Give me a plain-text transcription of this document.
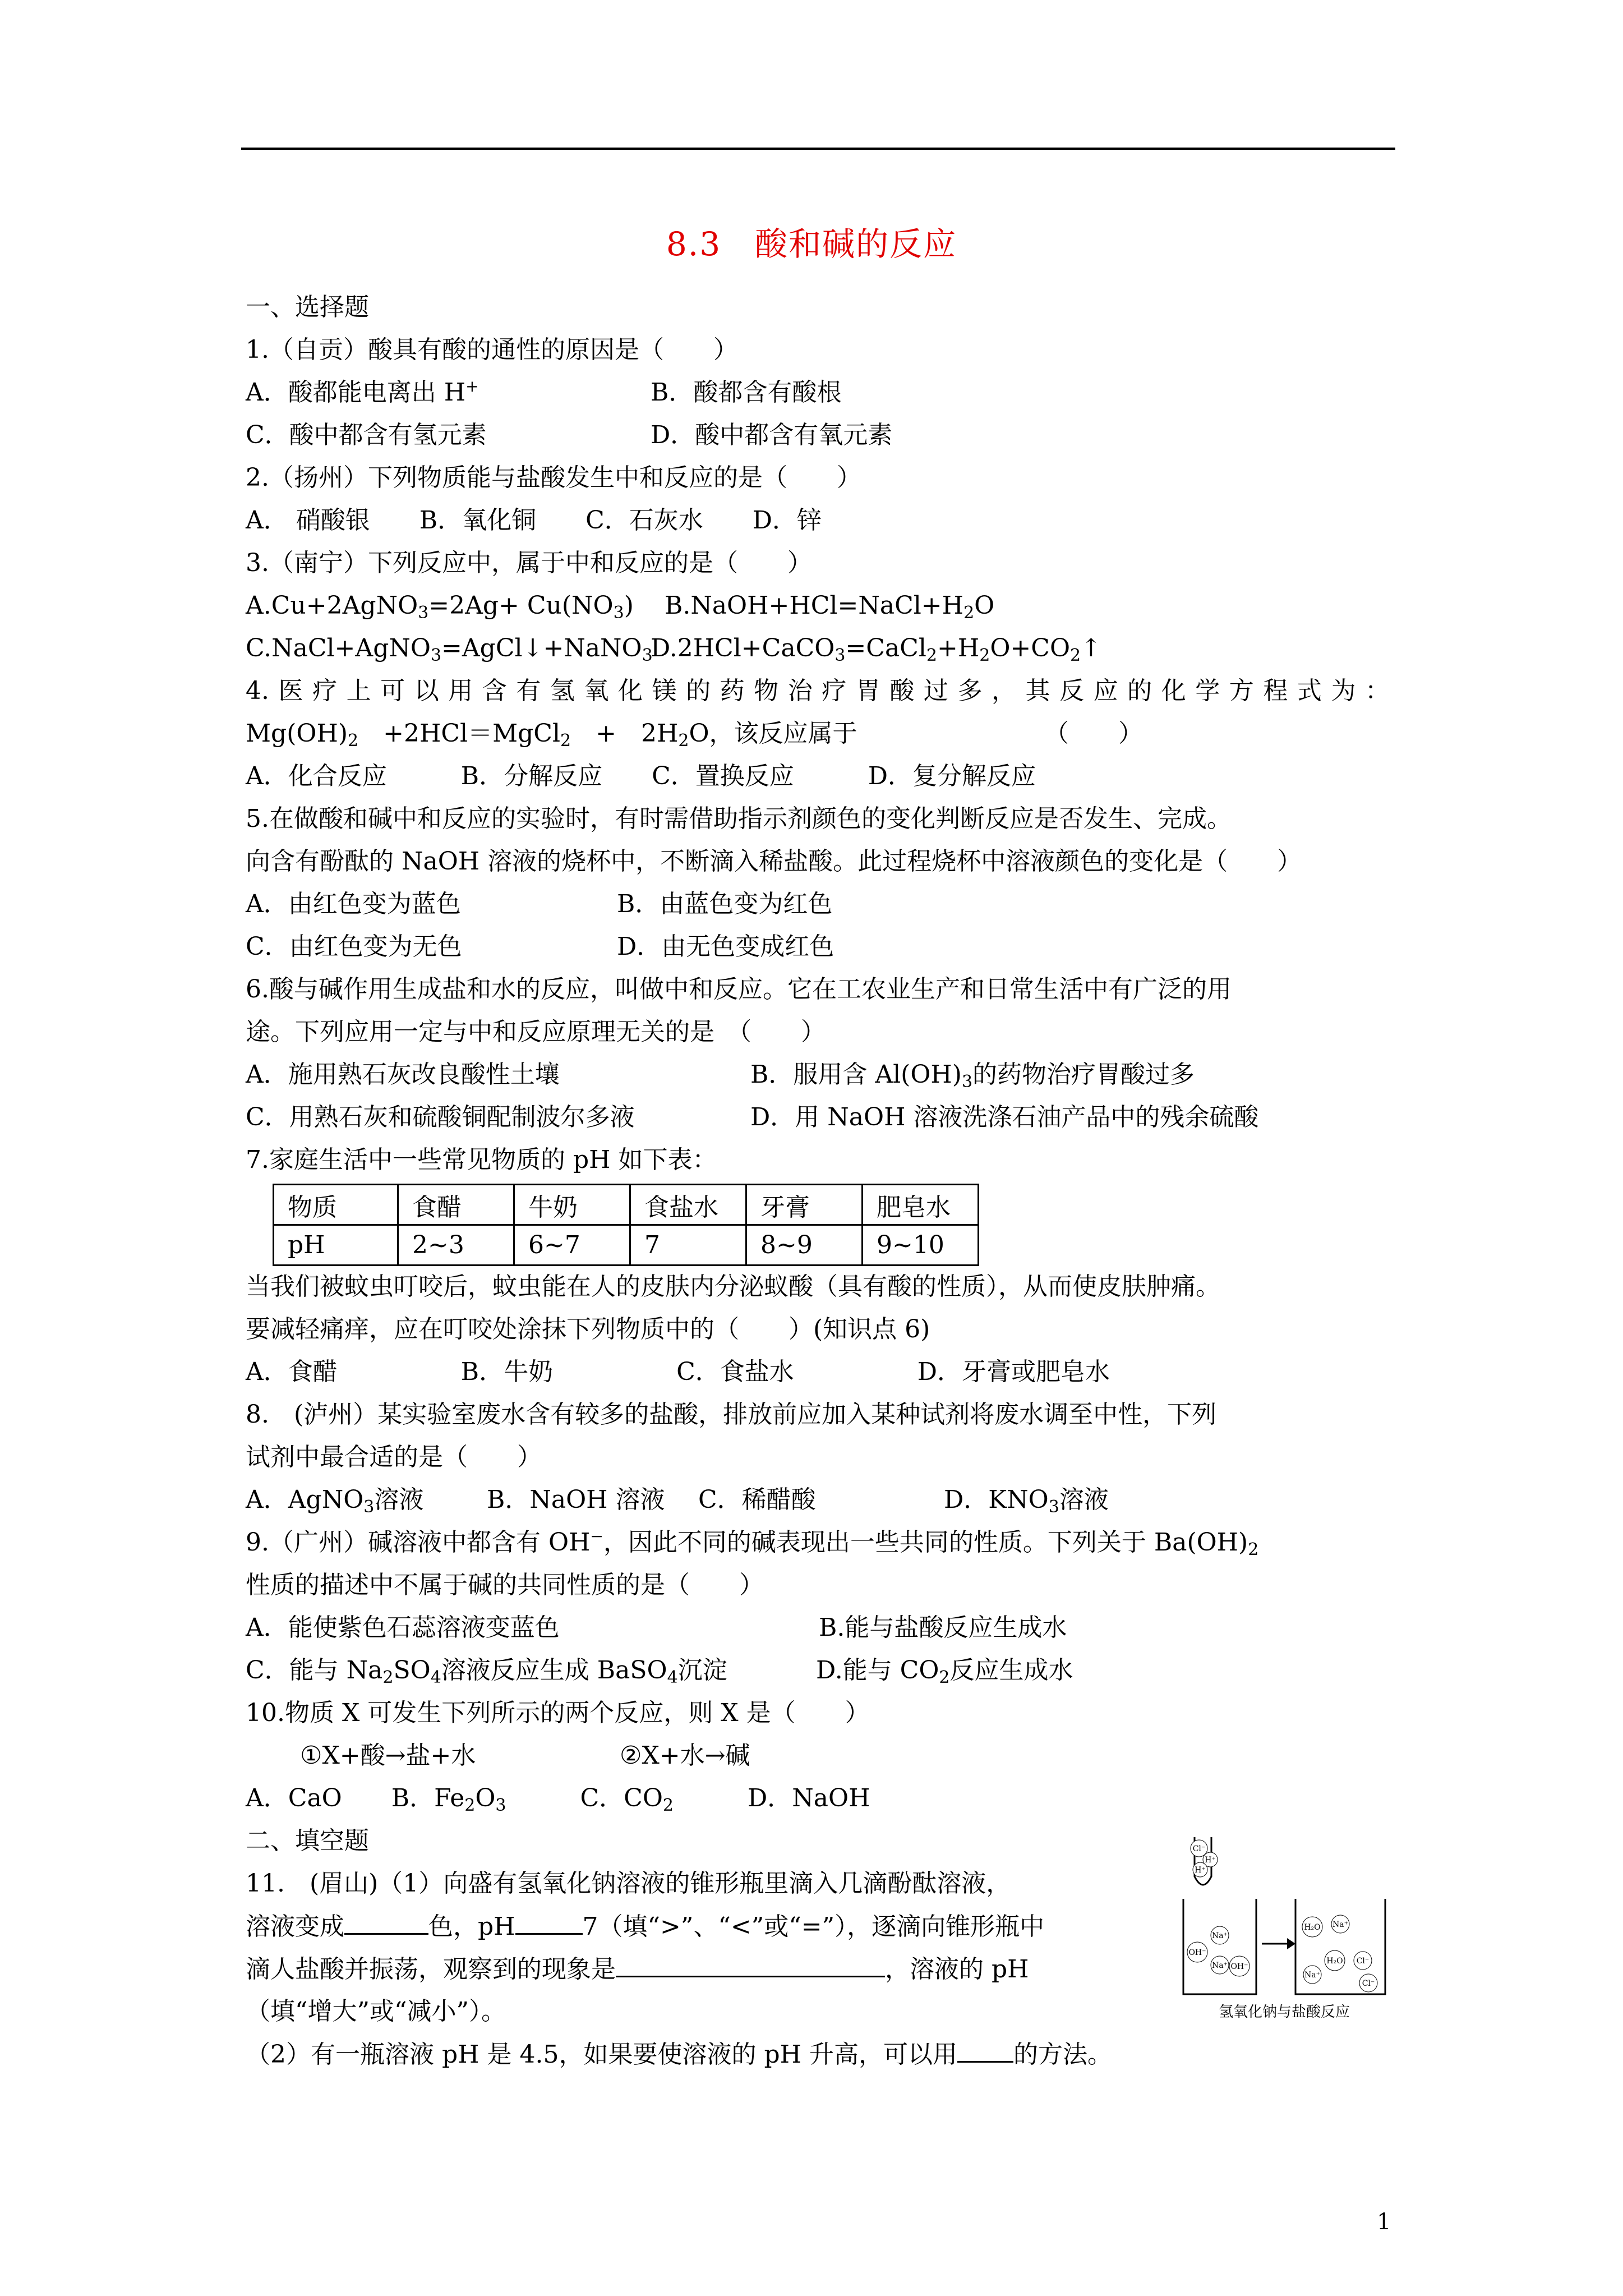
8.3　酸和碱的反应
一、选择题
1.（自贡）酸具有酸的通性的原因是（　　）
A．酸都能电离出 H+	B．酸都含有酸根
C．酸中都含有氢元素	D．酸中都含有氧元素
2.（扬州）下列物质能与盐酸发生中和反应的是（　　）
A． 硝酸银　　B．氧化铜　　C．石灰水　　D．锌
3.（南宁）下列反应中，属于中和反应的是（　　）
A.Cu+2AgNO$_3$=2Ag+ $Cu(NO_3)$ $B.NaOH+HCl=NaCl+H_2O$
C.NaCl+AgNO$_3$=AgCl↓+NaNO$_3$
$D.2HCl+CaCO_3=CaCl_2+H_2O+CO_2↑$
4.医疗上可以用含有氢氧化镁的药物治疗胃酸过多，其反应的化学方程式为：
$Mg(OH)_2$　+2HCl＝MgCl$_2$　+　$2H_2O$，该反应属于	（　　）
A．化合反应　　　B．分解反应　　C．置换反应　　　D．复分解反应
5.在做酸和碱中和反应的实验时，有时需借助指示剂颜色的变化判断反应是否发生、完成。
向含有酚酞的 NaOH 溶液的烧杯中，不断滴入稀盐酸。此过程烧杯中溶液颜色的变化是（　　）
A．由红色变为蓝色	B．由蓝色变为红色
C．由红色变为无色	D．由无色变成红色
6.酸与碱作用生成盐和水的反应，叫做中和反应。它在工农业生产和日常生活中有广泛的用
途。下列应用一定与中和反应原理无关的是　（　　）
A．施用熟石灰改良酸性土壤	B．服用含 $Al(OH)_3$的药物治疗胃酸过多
C．用熟石灰和硫酸铜配制波尔多液	D．用 NaOH 溶液洗涤石油产品中的残余硫酸
7.家庭生活中一些常见物质的 pH 如下表：
物质	食醋	牛奶	食盐水	牙膏	肥皂水
pH	2~3	6~7	7	8~9	9~10
当我们被蚊虫叮咬后，蚊虫能在人的皮肤内分泌蚁酸（具有酸的性质），从而使皮肤肿痛。
要减轻痛痒，应在叮咬处涂抹下列物质中的（　　）(知识点 6)
A．食醋　　　　　B．牛奶　　　　　C．食盐水　　　　　D．牙膏或肥皂水
8.　(泸州）某实验室废水含有较多的盐酸，排放前应加入某种试剂将废水调至中性，下列
试剂中最合适的是（　　）
A．AgNO$_3$溶液	B．NaOH 溶液 C．稀醋酸	D．$KNO_3$溶液
9.（广州）碱溶液中都含有 OH−，因此不同的碱表现出一些共同的性质。下列关于 $Ba(OH)_2$
性质的描述中不属于碱的共同性质的是（　　）
A．能使紫色石蕊溶液变蓝色	B.能与盐酸反应生成水
C．能与 $Na_2SO_4$溶液反应生成 BaSO$_4$沉淀	D.能与 $CO_2$反应生成水
10.物质 X 可发生下列所示的两个反应，则 X 是（　　）
①X+酸→盐+水	②X+水→碱
A．CaO　　B．$Fe_2O_3$　　　C．$CO_2$　　　D．NaOH
二、填空题
11.　(眉山)（1）向盛有氢氧化钠溶液的锥形瓶里滴入几滴酚酞溶液，
溶液变成	色，pH	7（填“>”、“<”或“=”），逐滴向锥形瓶中
滴人盐酸并振荡，观察到的现象是	，溶液的 pH
（填“增大”或“减小”）。
（2）有一瓶溶液 pH 是 4.5，如果要使溶液的 pH 升高，可以用 的方法。
Cl⁻
H⁺
H⁺
OH⁻
Na⁺
Na⁺ OH⁻
H₂O Na⁺
Cl⁻
H₂O
Na⁺
Cl⁻
氢氧化钠与盐酸反应
1
